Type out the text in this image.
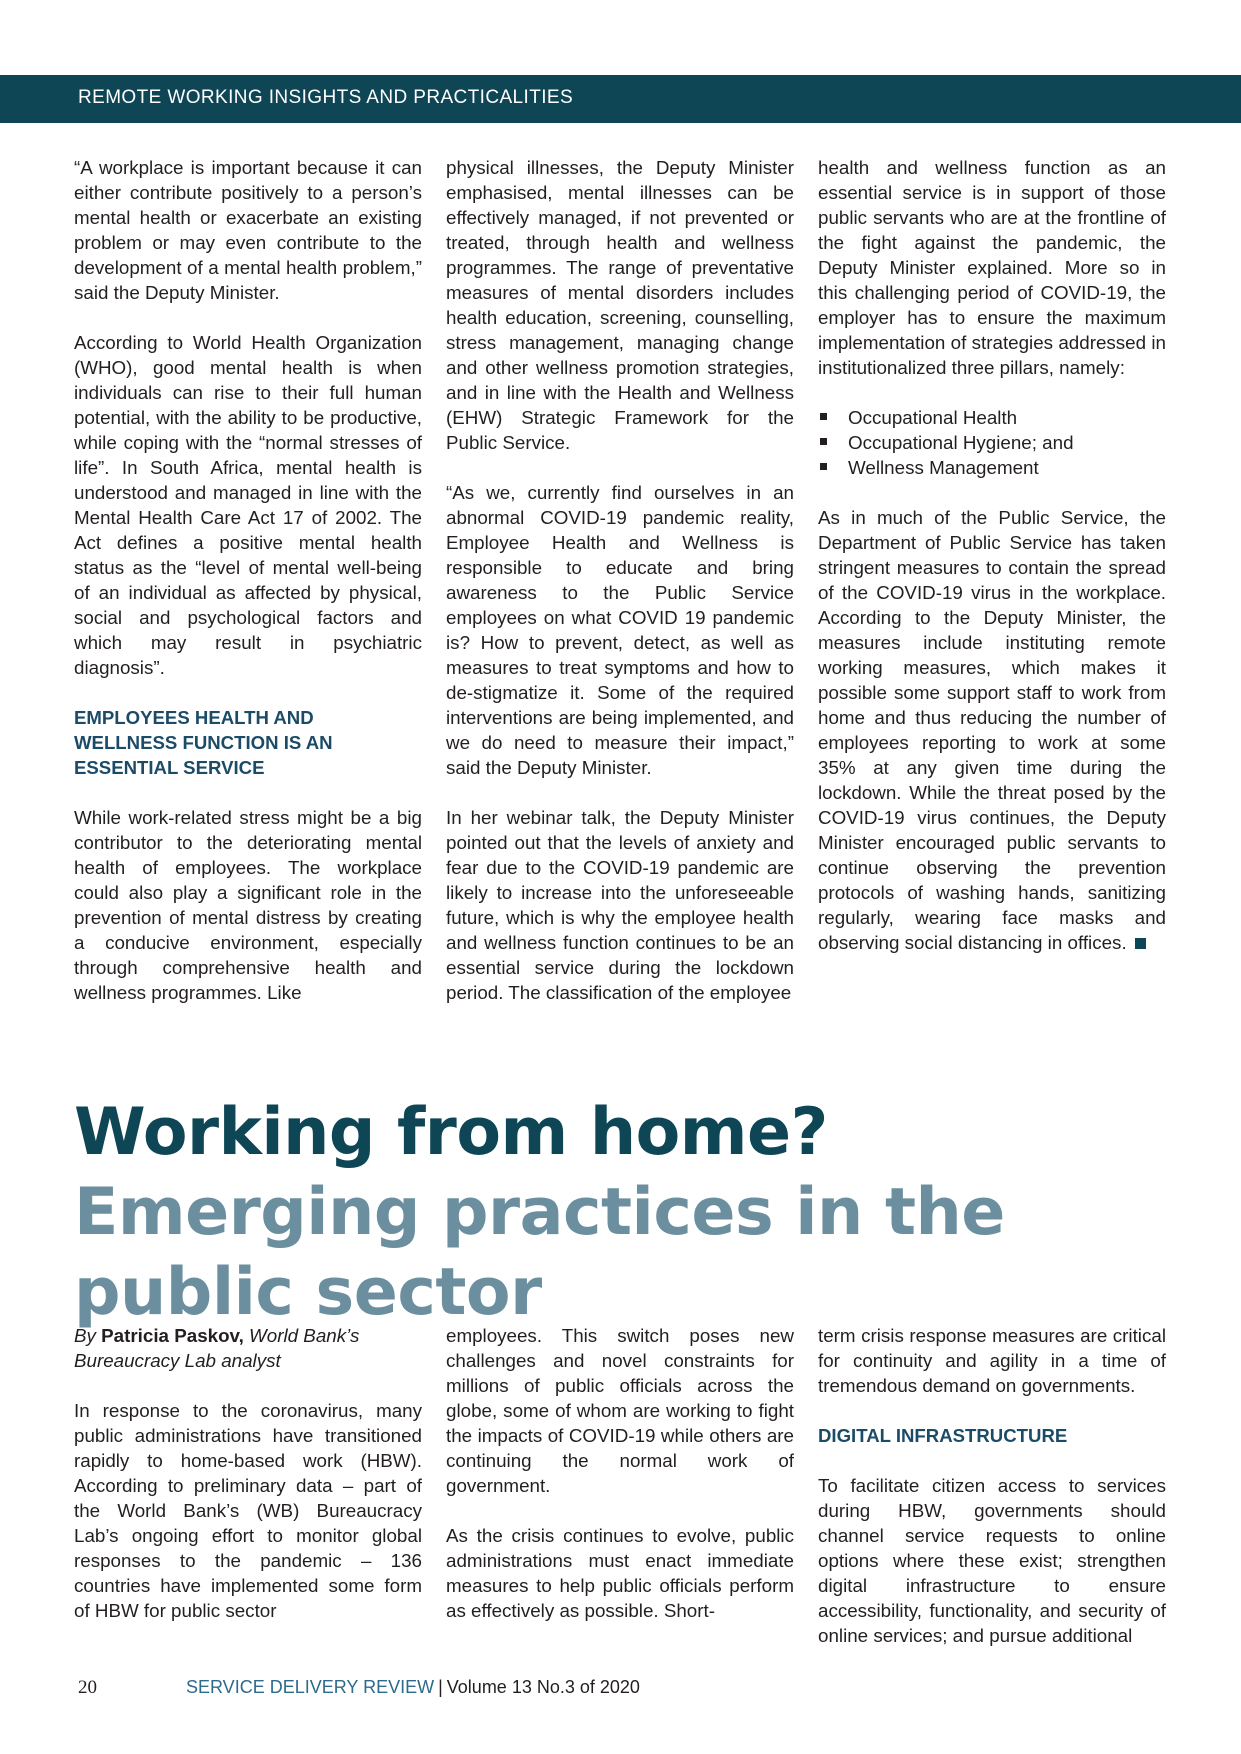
REMOTE WORKING INSIGHTS AND PRACTICALITIES

“A workplace is important because it can either contribute positively to a person’s mental health or exacerbate an existing problem or may even contribute to the development of a mental health problem,” said the Deputy Minister.

According to World Health Organization (WHO), good mental health is when individuals can rise to their full human potential, with the ability to be productive, while coping with the “normal stresses of life”. In South Africa, mental health is understood and managed in line with the Mental Health Care Act 17 of 2002. The Act defines a positive mental health status as the “level of mental well-being of an individual as affected by physical, social and psychological factors and which may result in psychiatric diagnosis”.

EMPLOYEES HEALTH AND WELLNESS FUNCTION IS AN ESSENTIAL SERVICE

While work-related stress might be a big contributor to the deteriorating mental health of employees. The workplace could also play a significant role in the prevention of mental distress by creating a conducive environment, especially through comprehensive health and wellness programmes. Like

physical illnesses, the Deputy Minister emphasised, mental illnesses can be effectively managed, if not prevented or treated, through health and wellness programmes. The range of preventative measures of mental disorders includes health education, screening, counselling, stress management, managing change and other wellness promotion strategies, and in line with the Health and Wellness (EHW) Strategic Framework for the Public Service.

“As we, currently find ourselves in an abnormal COVID-19 pandemic reality, Employee Health and Wellness is responsible to educate and bring awareness to the Public Service employees on what COVID 19 pandemic is? How to prevent, detect, as well as measures to treat symptoms and how to de-stigmatize it. Some of the required interventions are being implemented, and we do need to measure their impact,” said the Deputy Minister.

In her webinar talk, the Deputy Minister pointed out that the levels of anxiety and fear due to the COVID-19 pandemic are likely to increase into the unforeseeable future, which is why the employee health and wellness function continues to be an essential service during the lockdown period. The classification of the employee

health and wellness function as an essential service is in support of those public servants who are at the frontline of the fight against the pandemic, the Deputy Minister explained. More so in this challenging period of COVID-19, the employer has to ensure the maximum implementation of strategies addressed in institutionalized three pillars, namely:

Occupational Health
Occupational Hygiene; and
Wellness Management

As in much of the Public Service, the Department of Public Service has taken stringent measures to contain the spread of the COVID-19 virus in the workplace. According to the Deputy Minister, the measures include instituting remote working measures, which makes it possible some support staff to work from home and thus reducing the number of employees reporting to work at some 35% at any given time during the lockdown. While the threat posed by the COVID-19 virus continues, the Deputy Minister encouraged public servants to continue observing the prevention protocols of washing hands, sanitizing regularly, wearing face masks and observing social distancing in offices.

Working from home? Emerging practices in the public sector

By Patricia Paskov, World Bank’s Bureaucracy Lab analyst

In response to the coronavirus, many public administrations have transitioned rapidly to home-based work (HBW). According to preliminary data – part of the World Bank’s (WB) Bureaucracy Lab’s ongoing effort to monitor global responses to the pandemic – 136 countries have implemented some form of HBW for public sector

employees. This switch poses new challenges and novel constraints for millions of public officials across the globe, some of whom are working to fight the impacts of COVID-19 while others are continuing the normal work of government.

As the crisis continues to evolve, public administrations must enact immediate measures to help public officials perform as effectively as possible. Short-

term crisis response measures are critical for continuity and agility in a time of tremendous demand on governments.

DIGITAL INFRASTRUCTURE

To facilitate citizen access to services during HBW, governments should channel service requests to online options where these exist; strengthen digital infrastructure to ensure accessibility, functionality, and security of online services; and pursue additional

20	SERVICE DELIVERY REVIEW | Volume 13 No.3 of 2020
